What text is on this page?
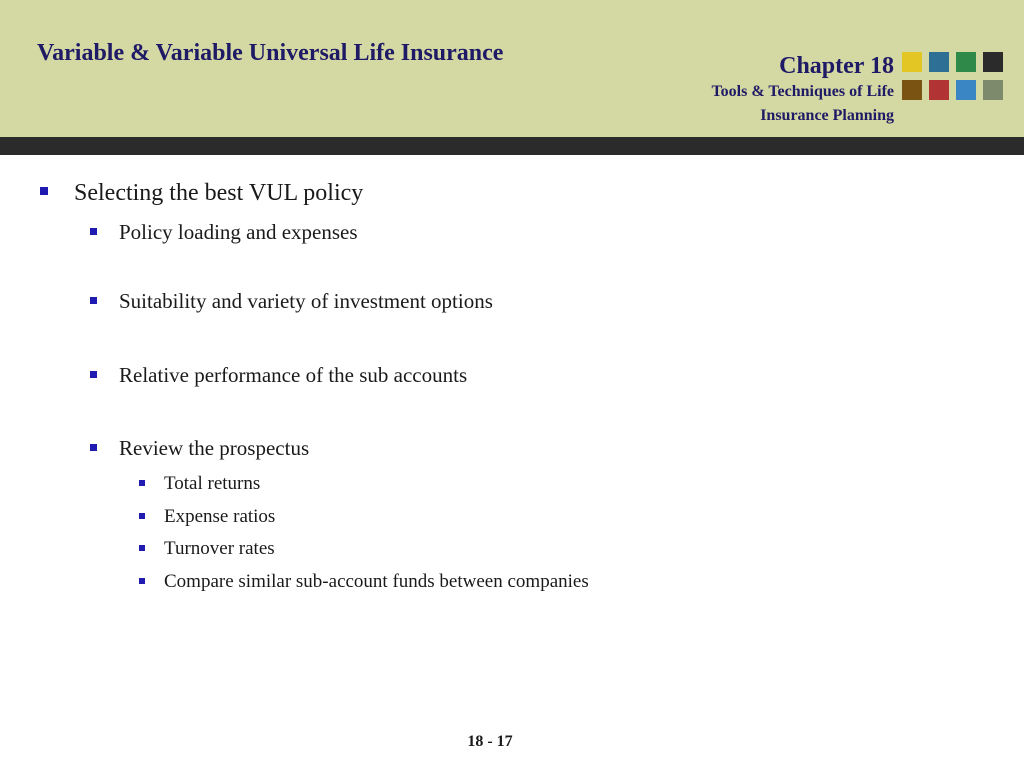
Variable & Variable Universal Life Insurance	Chapter 18
Tools & Techniques of Life
Insurance Planning
Selecting the best VUL policy
Policy loading and expenses
Suitability and variety of investment options
Relative performance of the sub accounts
Review the prospectus
Total returns
Expense ratios
Turnover rates
Compare similar sub-account funds between companies
18 - 17
